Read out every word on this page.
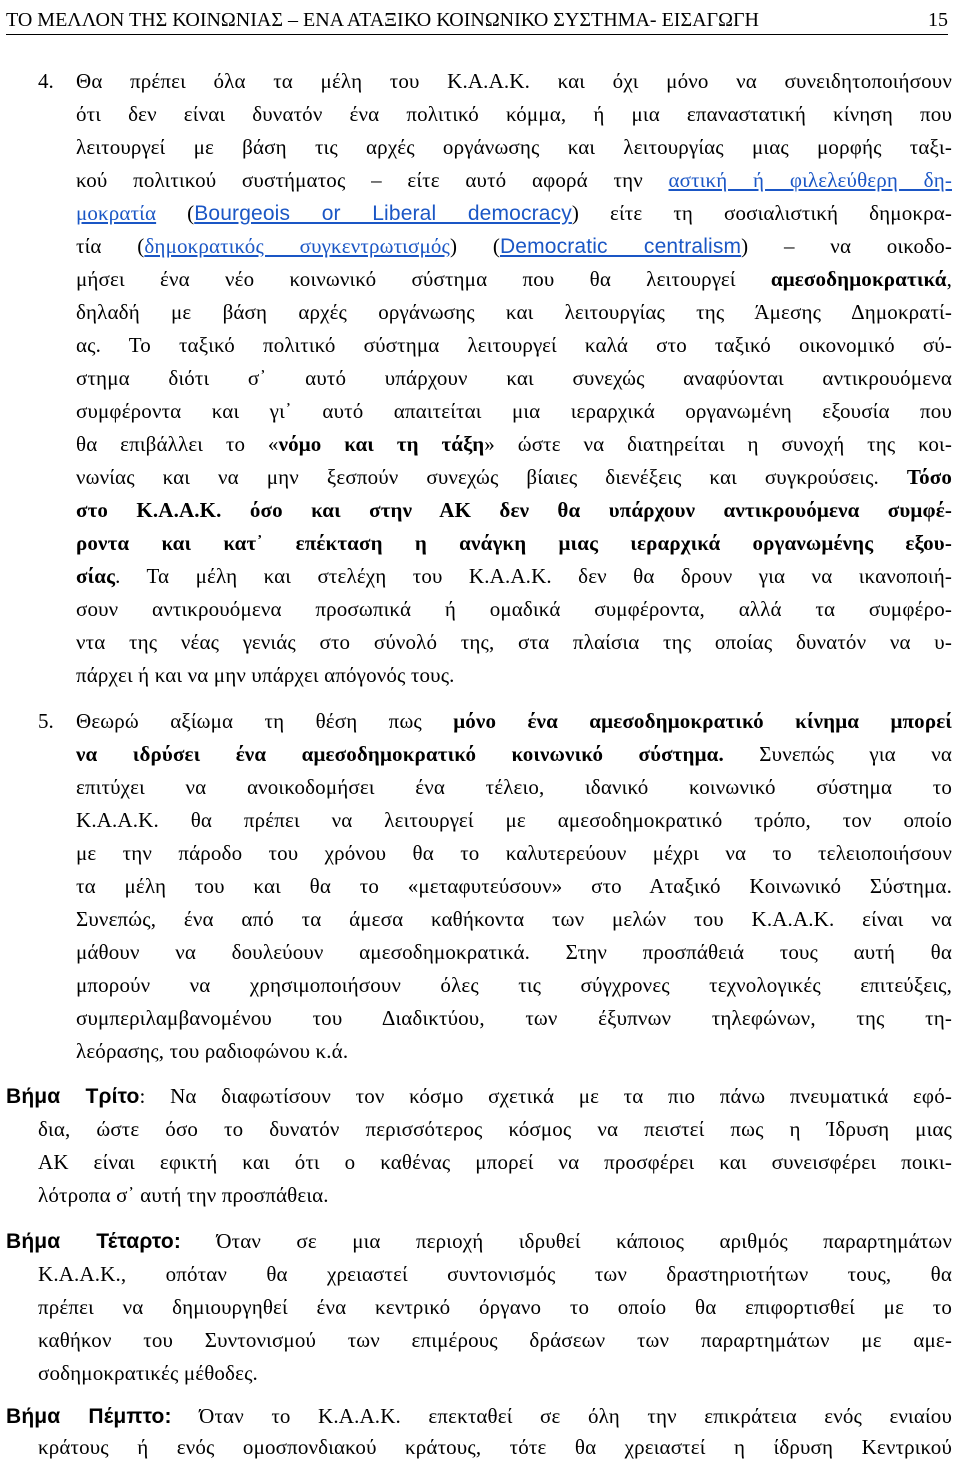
ΤΟ ΜΕΛΛΟΝ ΤΗΣ ΚΟΙΝΩΝΙΑΣ – ΕΝΑ ΑΤΑΞΙΚΟ ΚΟΙΝΩΝΙΚΟ ΣΥΣΤΗΜΑ- ΕΙΣΑΓΩΓΗ	15
4. Θα πρέπει όλα τα μέλη του Κ.Α.Α.Κ. και όχι μόνο να συνειδητοποιήσουν
ότι δεν είναι δυνατόν ένα πολιτικό κόμμα, ή μια επαναστατική κίνηση που
λειτουργεί με βάση τις αρχές οργάνωσης και λειτουργίας μιας μορφής ταξι-
κού πολιτικού συστήματος – είτε αυτό αφορά την αστική ή φιλελεύθερη δη-
μοκρατία (Bourgeois or Liberal democracy) είτε τη σοσιαλιστική δημοκρα-
τία (δημοκρατικός συγκεντρωτισμός) (Democratic centralism) – να οικοδο-
μήσει ένα νέο κοινωνικό σύστημα που θα λειτουργεί αμεσοδημοκρατικά,
δηλαδή με βάση αρχές οργάνωσης και λειτουργίας της Άμεσης Δημοκρατί-
ας. Το ταξικό πολιτικό σύστημα λειτουργεί καλά στο ταξικό οικονομικό σύ-
στημα διότι σ᾽ αυτό υπάρχουν και συνεχώς αναφύονται αντικρουόμενα
συμφέροντα και γι᾽ αυτό απαιτείται μια ιεραρχικά οργανωμένη εξουσία που
θα επιβάλλει το «νόμο και τη τάξη» ώστε να διατηρείται η συνοχή της κοι-
νωνίας και να μην ξεσπούν συνεχώς βίαιες διενέξεις και συγκρούσεις. Τόσο
στο Κ.Α.Α.Κ. όσο και στην ΑΚ δεν θα υπάρχουν αντικρουόμενα συμφέ-
ροντα και κατ᾽ επέκταση η ανάγκη μιας ιεραρχικά οργανωμένης εξου-
σίας. Τα μέλη και στελέχη του Κ.Α.Α.Κ. δεν θα δρουν για να ικανοποιή-
σουν αντικρουόμενα προσωπικά ή ομαδικά συμφέροντα, αλλά τα συμφέρο-
ντα της νέας γενιάς στο σύνολό της, στα πλαίσια της οποίας δυνατόν να υ-
πάρχει ή και να μην υπάρχει απόγονός τους.
5. Θεωρώ αξίωμα τη θέση πως μόνο ένα αμεσοδημοκρατικό κίνημα μπορεί
να ιδρύσει ένα αμεσοδημοκρατικό κοινωνικό σύστημα. Συνεπώς για να
επιτύχει να ανοικοδομήσει ένα τέλειο, ιδανικό κοινωνικό σύστημα το
Κ.Α.Α.Κ. θα πρέπει να λειτουργεί με αμεσοδημοκρατικό τρόπο, τον οποίο
με την πάροδο του χρόνου θα το καλυτερεύουν μέχρι να το τελειοποιήσουν
τα μέλη του και θα το «μεταφυτεύσουν» στο Αταξικό Κοινωνικό Σύστημα.
Συνεπώς, ένα από τα άμεσα καθήκοντα των μελών του Κ.Α.Α.Κ. είναι να
μάθουν να δουλεύουν αμεσοδημοκρατικά. Στην προσπάθειά τους αυτή θα
μπορούν να χρησιμοποιήσουν όλες τις σύγχρονες τεχνολογικές επιτεύξεις,
συμπεριλαμβανομένου του Διαδικτύου, των έξυπνων τηλεφώνων, της τη-
λεόρασης, του ραδιοφώνου κ.ά.
Βήμα Τρίτο: Να διαφωτίσουν τον κόσμο σχετικά με τα πιο πάνω πνευματικά εφό-
δια, ώστε όσο το δυνατόν περισσότερος κόσμος να πειστεί πως η Ίδρυση μιας
ΑΚ είναι εφικτή και ότι ο καθένας μπορεί να προσφέρει και συνεισφέρει ποικι-
λότροπα σ᾽ αυτή την προσπάθεια.
Βήμα Τέταρτο: Όταν σε μια περιοχή ιδρυθεί κάποιος αριθμός παραρτημάτων
Κ.Α.Α.Κ., οπόταν θα χρειαστεί συντονισμός των δραστηριοτήτων τους, θα
πρέπει να δημιουργηθεί ένα κεντρικό όργανο το οποίο θα επιφορτισθεί με το
καθήκον του Συντονισμού των επιμέρους δράσεων των παραρτημάτων με αμε-
σοδημοκρατικές μέθοδες.
Βήμα Πέμπτο: Όταν το Κ.Α.Α.Κ. επεκταθεί σε όλη την επικράτεια ενός ενιαίου
κράτους ή ενός ομοσπονδιακού κράτους, τότε θα χρειαστεί η ίδρυση Κεντρικού
